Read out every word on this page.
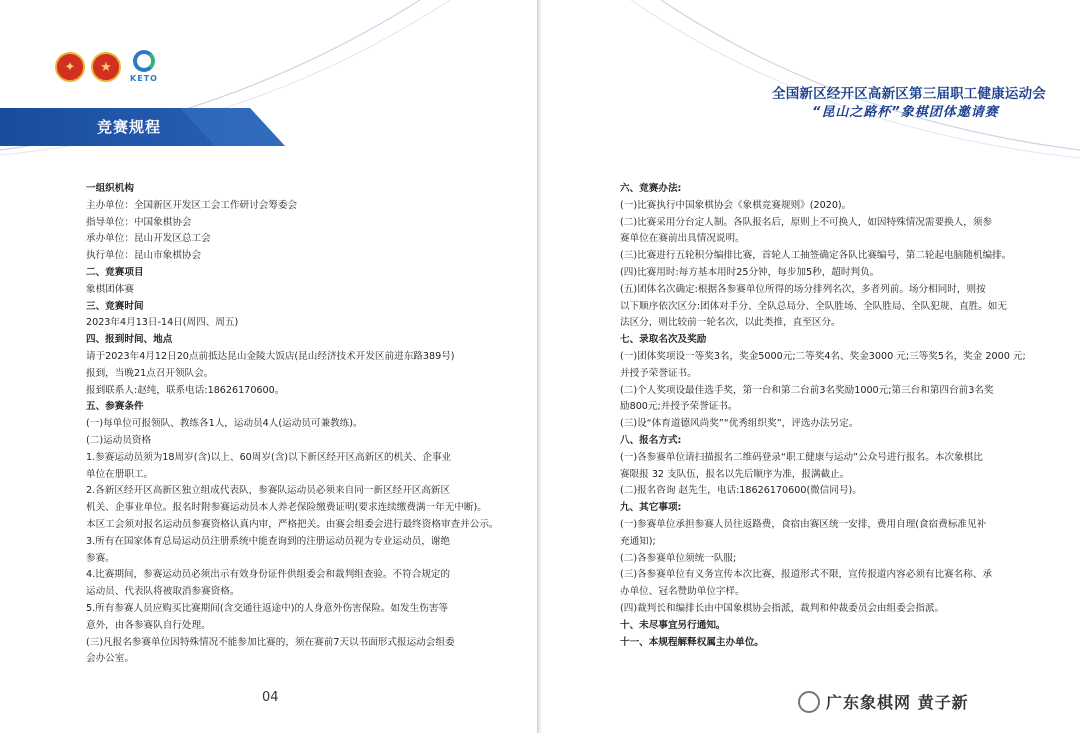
✦	★
KETO
竞赛规程
一组织机构
主办单位：全国新区开发区工会工作研讨会筹委会
指导单位：中国象棋协会
承办单位：昆山开发区总工会
执行单位：昆山市象棋协会
二、竞赛项目
象棋团体赛
三、竞赛时间
2023年4月13日-14日(周四、周五)
四、报到时间、地点
请于2023年4月12日20点前抵达昆山金陵大饭店(昆山经济技术开发区前进东路389号)
报到，当晚21点召开领队会。
报到联系人:赵纯，联系电话:18626170600。
五、参赛条件
(一)每单位可报领队、教练各1人，运动员4人(运动员可兼教练)。
(二)运动员资格
1.参赛运动员须为18周岁(含)以上、60周岁(含)以下新区经开区高新区的机关、企事业
单位在册职工。
2.各新区经开区高新区独立组成代表队，参赛队运动员必须来自同一新区经开区高新区
机关、企事业单位。报名时附参赛运动员本人养老保险缴费证明(要求连续缴费满一年无中断)。
本区工会须对报名运动员参赛资格认真内审，严格把关。由赛会组委会进行最终资格审查并公示。
3.所有在国家体育总局运动员注册系统中能查询到的注册运动员视为专业运动员，谢绝
参赛。
4.比赛期间，参赛运动员必须出示有效身份证件供组委会和裁判组查验。不符合规定的
运动员、代表队将被取消参赛资格。
5.所有参赛人员应购买比赛期间(含交通往返途中)的人身意外伤害保险。如发生伤害等
意外，由各参赛队自行处理。
(三)凡报名参赛单位因特殊情况不能参加比赛的，须在赛前7天以书面形式报运动会组委
会办公室。
04
全国新区经开区高新区第三届职工健康运动会
“昆山之路杯”象棋团体邀请赛
六、竞赛办法:
(一)比赛执行中国象棋协会《象棋竞赛规则》(2020)。
(二)比赛采用分台定人制。各队报名后，原则上不可换人，如因特殊情况需要换人，须参
赛单位在赛前出具情况说明。
(三)比赛进行五轮积分编排比赛，首轮人工抽签确定各队比赛编号，第二轮起电脑随机编排。
(四)比赛用时:每方基本用时25分钟，每步加5秒，超时判负。
(五)团体名次确定:根据各参赛单位所得的场分排列名次，多者列前。场分相同时，则按
以下顺序依次区分:团体对手分、全队总局分、全队胜场、全队胜局、全队犯规、直胜。如无
法区分，则比较前一轮名次，以此类推，直至区分。
七、录取名次及奖励
(一)团体奖项设一等奖3名，奖金5000元;二等奖4名、奖金3000 元;三等奖5名，奖金 2000 元;
并授予荣誉证书。
(二)个人奖项设最佳选手奖，第一台和第二台前3名奖励1000元;第三台和第四台前3名奖
励800元;并授予荣誉证书。
(三)设“体育道德风尚奖”“优秀组织奖”，评选办法另定。
八、报名方式:
(一)各参赛单位请扫描报名二维码登录“职工健康与运动”公众号进行报名。本次象棋比
赛限报 32 支队伍，报名以先后顺序为准，报满截止。
(二)报名咨询 赵先生，电话:18626170600(微信同号)。
九、其它事项:
(一)参赛单位承担参赛人员往返路费，食宿由赛区统一安排，费用自理(食宿费标准见补
充通知);
(二)各参赛单位须统一队服;
(三)各参赛单位有义务宣传本次比赛，报道形式不限，宣传报道内容必须有比赛名称、承
办单位、冠名赞助单位字样。
(四)裁判长和编排长由中国象棋协会指派，裁判和仲裁委员会由组委会指派。
十、未尽事宜另行通知。
十一、本规程解释权属主办单位。
广东象棋网 黄子新
